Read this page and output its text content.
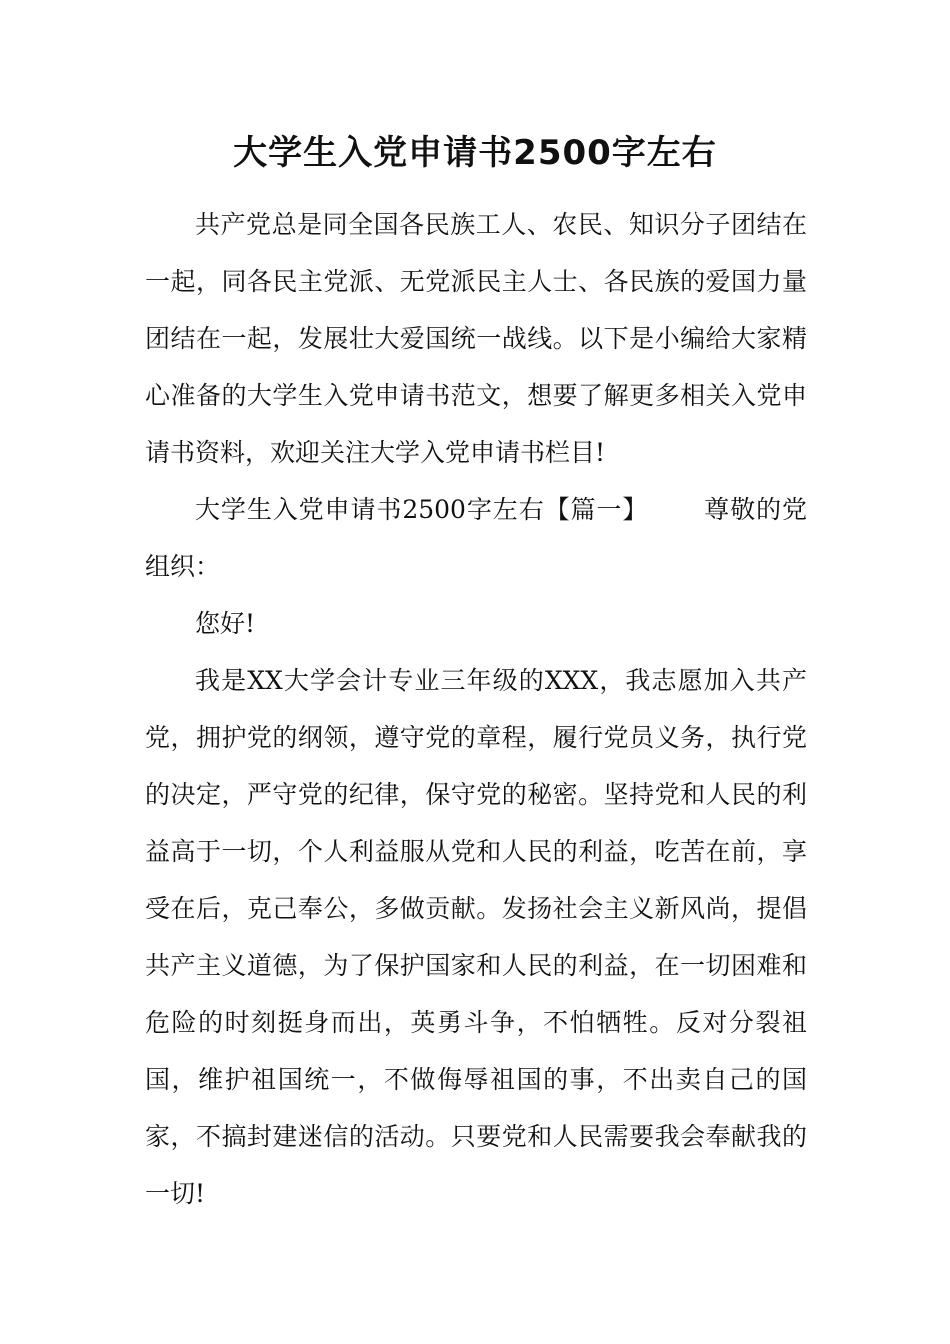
大学生入党申请书2500字左右

共产党总是同全国各民族工人、农民、知识分子团结在一起，同各民主党派、无党派民主人士、各民族的爱国力量团结在一起，发展壮大爱国统一战线。以下是小编给大家精心准备的大学生入党申请书范文，想要了解更多相关入党申请书资料，欢迎关注大学入党申请书栏目!

大学生入党申请书2500字左右【篇一】 尊敬的党组织：

您好!

我是XX大学会计专业三年级的XXX，我志愿加入共产党，拥护党的纲领，遵守党的章程，履行党员义务，执行党的决定，严守党的纪律，保守党的秘密。坚持党和人民的利益高于一切，个人利益服从党和人民的利益，吃苦在前，享受在后，克己奉公，多做贡献。发扬社会主义新风尚，提倡共产主义道德，为了保护国家和人民的利益，在一切困难和危险的时刻挺身而出，英勇斗争，不怕牺牲。反对分裂祖国，维护祖国统一，不做侮辱祖国的事，不出卖自己的国家，不搞封建迷信的活动。只要党和人民需要我会奉献我的一切!
